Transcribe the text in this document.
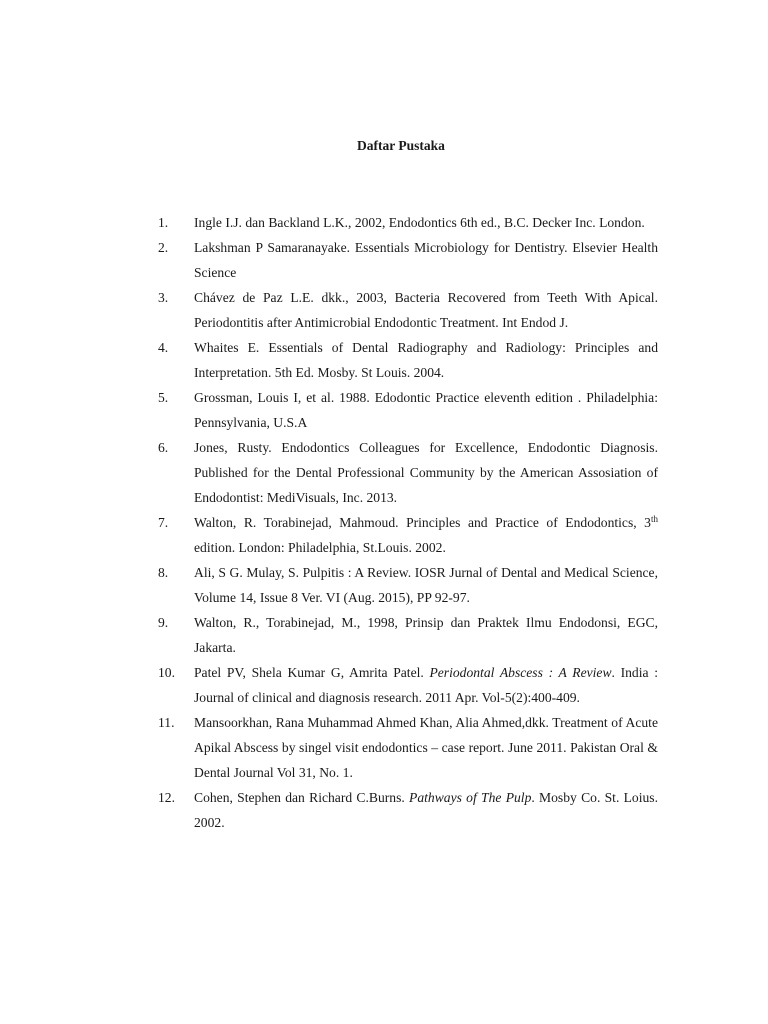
Daftar Pustaka
1.	Ingle I.J. dan Backland L.K., 2002, Endodontics 6th ed., B.C. Decker Inc. London.
2.	Lakshman P Samaranayake. Essentials Microbiology for Dentistry. Elsevier Health Science
3.	Chávez de Paz L.E. dkk., 2003, Bacteria Recovered from Teeth With Apical. Periodontitis after Antimicrobial Endodontic Treatment. Int Endod J.
4.	Whaites E. Essentials of Dental Radiography and Radiology: Principles and Interpretation. 5th Ed. Mosby. St Louis. 2004.
5.	Grossman, Louis I, et al. 1988. Edodontic Practice eleventh edition . Philadelphia: Pennsylvania, U.S.A
6.	Jones, Rusty. Endodontics Colleagues for Excellence, Endodontic Diagnosis. Published for the Dental Professional Community by the American Assosiation of Endodontist: MediVisuals, Inc. 2013.
7.	Walton, R. Torabinejad, Mahmoud. Principles and Practice of Endodontics, 3th edition. London: Philadelphia, St.Louis. 2002.
8.	Ali, S G. Mulay, S. Pulpitis : A Review. IOSR Jurnal of Dental and Medical Science, Volume 14, Issue 8 Ver. VI (Aug. 2015), PP 92-97.
9.	Walton, R., Torabinejad, M., 1998, Prinsip dan Praktek Ilmu Endodonsi, EGC, Jakarta.
10.	Patel PV, Shela Kumar G, Amrita Patel. Periodontal Abscess : A Review. India : Journal of clinical and diagnosis research. 2011 Apr. Vol-5(2):400-409.
11.	Mansoorkhan, Rana Muhammad Ahmed Khan, Alia Ahmed,dkk. Treatment of Acute Apikal Abscess by singel visit endodontics – case report. June 2011. Pakistan Oral & Dental Journal Vol 31, No. 1.
12.	Cohen, Stephen dan Richard C.Burns. Pathways of The Pulp. Mosby Co. St. Loius. 2002.
